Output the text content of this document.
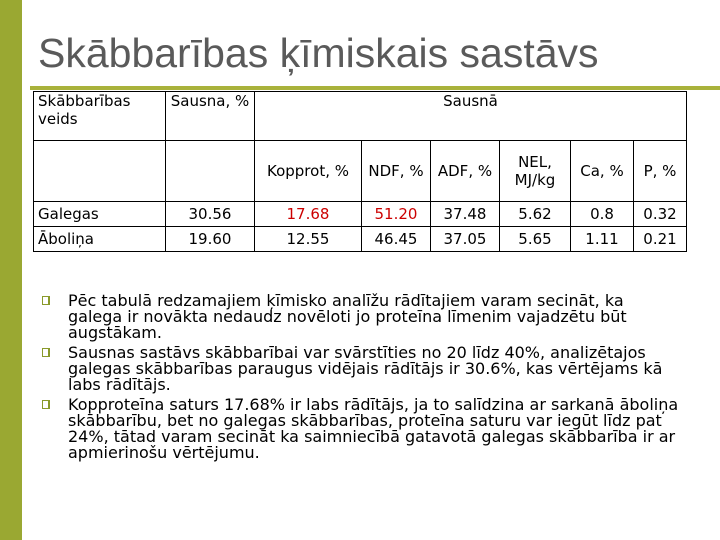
Skābbarības ķīmiskais sastāvs
Skābbarības veids	Sausna, %	Sausnā					
		Kopprot, %	NDF, %	ADF, %	NEL, MJ/kg	Ca, %	P, %
Galegas	30.56	17.68	51.20	37.48	5.62	0.8	0.32
Āboliņa	19.60	12.55	46.45	37.05	5.65	1.11	0.21
Pēc tabulā redzamajiem ķīmisko analīžu rādītajiem varam secināt, ka galega ir novākta nedaudz novēloti jo proteīna līmenim vajadzētu būt augstākam.
Sausnas sastāvs skābbarībai var svārstīties no 20 līdz 40%, analizētajos galegas skābbarības paraugus vidējais rādītājs ir 30.6%, kas vērtējams kā labs rādītājs.
Kopproteīna saturs 17.68% ir labs rādītājs, ja to salīdzina ar sarkanā āboliņa skābbarību, bet no galegas skābbarības, proteīna saturu var iegūt līdz pat 24%, tātad varam secināt ka saimniecībā gatavotā galegas skābbarība ir ar apmierinošu vērtējumu.
